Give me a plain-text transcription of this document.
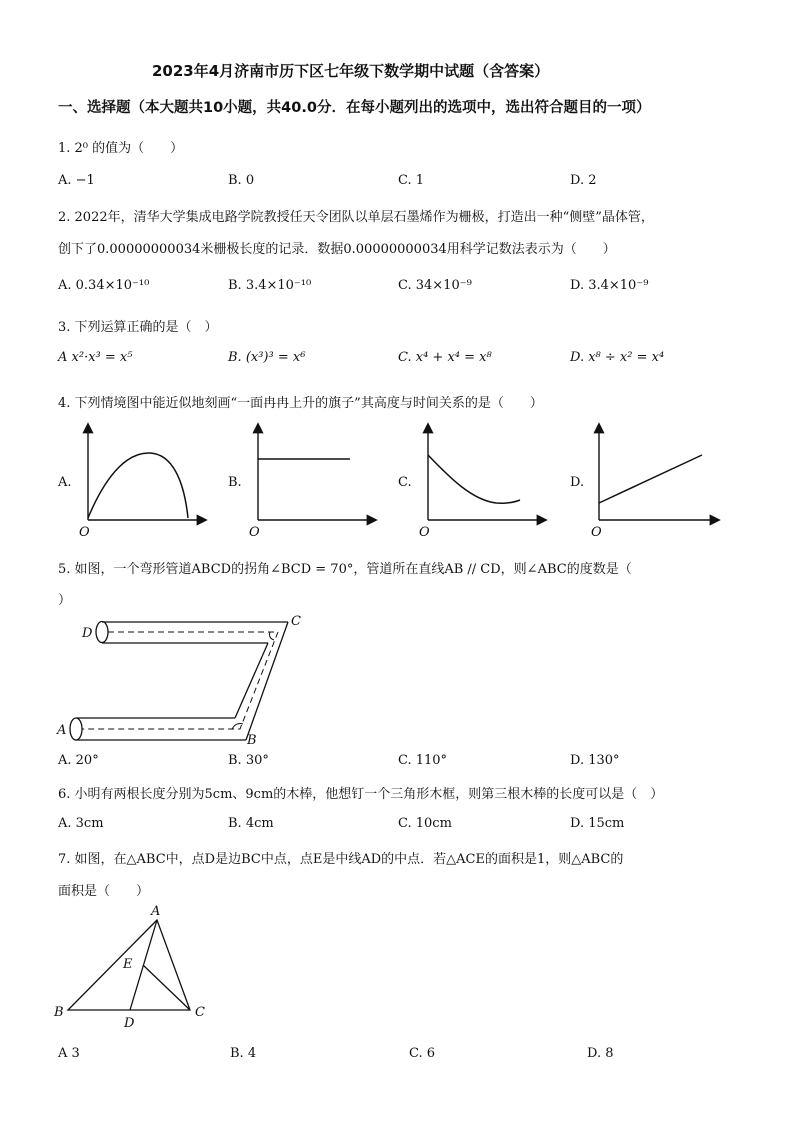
2023年4月济南市历下区七年级下数学期中试题（含答案）
一、选择题（本大题共10小题，共40.0分．在每小题列出的选项中，选出符合题目的一项）
1. 2⁰ 的值为（　　）
A. −1	B. 0	C. 1	D. 2
2. 2022年，清华大学集成电路学院教授任天令团队以单层石墨烯作为栅极，打造出一种“侧壁”晶体管，
创下了0.00000000034米栅极长度的记录．数据0.00000000034用科学记数法表示为（　　）
A. 0.34×10⁻¹⁰	B. 3.4×10⁻¹⁰	C. 34×10⁻⁹	D. 3.4×10⁻⁹
3. 下列运算正确的是（　）
A x²·x³ = x⁵	B. (x³)³ = x⁶	C. x⁴ + x⁴ = x⁸	D. x⁸ ÷ x² = x⁴
4. 下列情境图中能近似地刻画“一面冉冉上升的旗子”其高度与时间关系的是（　　）
A.	B.	C.	D.
O	O	O	O
5. 如图，一个弯形管道ABCD的拐角∠BCD = 70°，管道所在直线AB // CD，则∠ABC的度数是（
）
D
C
A
B
A. 20°	B. 30°	C. 110°	D. 130°
6. 小明有两根长度分别为5cm、9cm的木棒，他想钉一个三角形木框，则第三根木棒的长度可以是（　）
A. 3cm	B. 4cm	C. 10cm	D. 15cm
7. 如图，在△ABC中，点D是边BC中点，点E是中线AD的中点．若△ACE的面积是1，则△ABC的
面积是（　　）
A
E
B
D
C
A 3	B. 4	C. 6	D. 8
